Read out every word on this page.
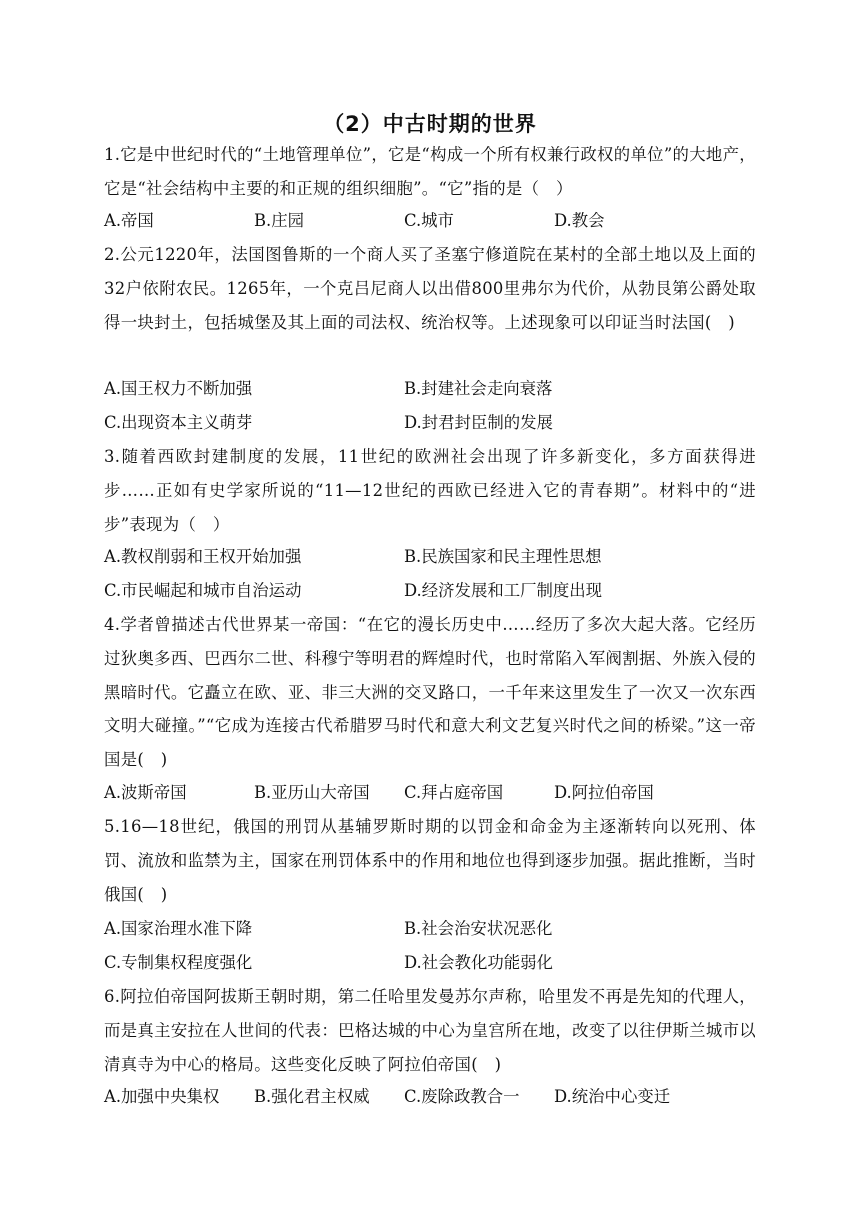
（2）中古时期的世界
1.它是中世纪时代的“土地管理单位”，它是“构成一个所有权兼行政权的单位”的大地产，它是“社会结构中主要的和正规的组织细胞”。“它”指的是（　）
A.帝国	B.庄园	C.城市	D.教会
2.公元1220年，法国图鲁斯的一个商人买了圣塞宁修道院在某村的全部土地以及上面的32户依附农民。1265年，一个克吕尼商人以出借800里弗尔为代价，从勃艮第公爵处取得一块封土，包括城堡及其上面的司法权、统治权等。上述现象可以印证当时法国(　)
A.国王权力不断加强	B.封建社会走向衰落
C.出现资本主义萌芽	D.封君封臣制的发展
3.随着西欧封建制度的发展，11世纪的欧洲社会出现了许多新变化，多方面获得进步……正如有史学家所说的“11—12世纪的西欧已经进入它的青春期”。材料中的“进步”表现为（　）
A.教权削弱和王权开始加强	B.民族国家和民主理性思想
C.市民崛起和城市自治运动	D.经济发展和工厂制度出现
4.学者曾描述古代世界某一帝国：“在它的漫长历史中……经历了多次大起大落。它经历过狄奥多西、巴西尔二世、科穆宁等明君的辉煌时代，也时常陷入军阀割据、外族入侵的黑暗时代。它矗立在欧、亚、非三大洲的交叉路口，一千年来这里发生了一次又一次东西文明大碰撞。”“它成为连接古代希腊罗马时代和意大利文艺复兴时代之间的桥梁。”这一帝国是(　)
A.波斯帝国	B.亚历山大帝国 C.拜占庭帝国	D.阿拉伯帝国
5.16—18世纪，俄国的刑罚从基辅罗斯时期的以罚金和命金为主逐渐转向以死刑、体罚、流放和监禁为主，国家在刑罚体系中的作用和地位也得到逐步加强。据此推断，当时俄国(　)
A.国家治理水准下降	B.社会治安状况恶化
C.专制集权程度强化	D.社会教化功能弱化
6.阿拉伯帝国阿拔斯王朝时期，第二任哈里发曼苏尔声称，哈里发不再是先知的代理人，而是真主安拉在人世间的代表：巴格达城的中心为皇宫所在地，改变了以往伊斯兰城市以清真寺为中心的格局。这些变化反映了阿拉伯帝国(　)
A.加强中央集权 B.强化君主权威 C.废除政教合一 D.统治中心变迁
